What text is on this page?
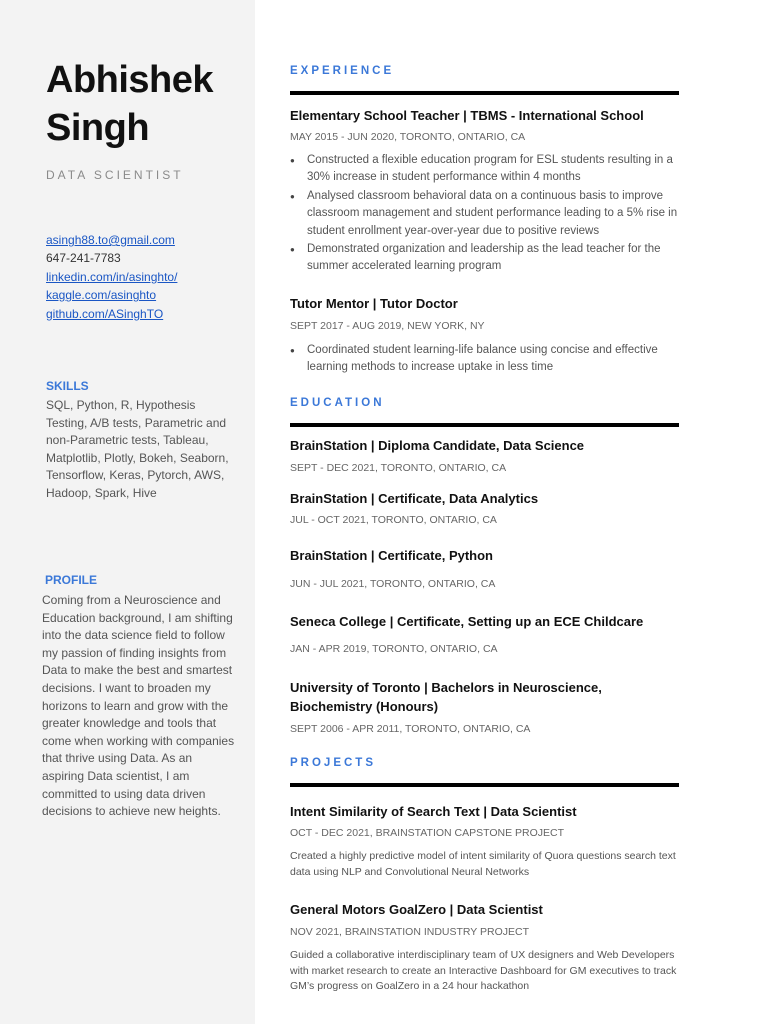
Abhishek
Singh
DATA SCIENTIST
asingh88.to@gmail.com
647-241-7783
linkedin.com/in/asinghto/
kaggle.com/asinghto
github.com/ASinghTO
SKILLS
SQL, Python, R, Hypothesis Testing, A/B tests, Parametric and non-Parametric tests, Tableau, Matplotlib, Plotly, Bokeh, Seaborn, Tensorflow, Keras, Pytorch, AWS, Hadoop, Spark, Hive
PROFILE
Coming from a Neuroscience and Education background, I am shifting into the data science field to follow my passion of finding insights from Data to make the best and smartest decisions. I want to broaden my horizons to learn and grow with the greater knowledge and tools that come when working with companies that thrive using Data. As an aspiring Data scientist, I am committed to using data driven decisions to achieve new heights.
EXPERIENCE
Elementary School Teacher | TBMS - International School
MAY 2015 - JUN 2020, TORONTO, ONTARIO, CA
● Constructed a flexible education program for ESL students resulting in a 30% increase in student performance within 4 months
● Analysed classroom behavioral data on a continuous basis to improve classroom management and student performance leading to a 5% rise in student enrollment year-over-year due to positive reviews
● Demonstrated organization and leadership as the lead teacher for the summer accelerated learning program
Tutor Mentor | Tutor Doctor
SEPT 2017 - AUG 2019, NEW YORK, NY
● Coordinated student learning-life balance using concise and effective learning methods to increase uptake in less time
EDUCATION
BrainStation | Diploma Candidate, Data Science
SEPT - DEC 2021, TORONTO, ONTARIO, CA
BrainStation | Certificate, Data Analytics
JUL - OCT 2021, TORONTO, ONTARIO, CA
BrainStation | Certificate, Python
JUN - JUL 2021, TORONTO, ONTARIO, CA
Seneca College | Certificate, Setting up an ECE Childcare
JAN - APR 2019, TORONTO, ONTARIO, CA
University of Toronto | Bachelors in Neuroscience, Biochemistry (Honours)
SEPT 2006 - APR 2011, TORONTO, ONTARIO, CA
PROJECTS
Intent Similarity of Search Text | Data Scientist
OCT - DEC 2021, BRAINSTATION CAPSTONE PROJECT
Created a highly predictive model of intent similarity of Quora questions search text data using NLP and Convolutional Neural Networks
General Motors GoalZero | Data Scientist
NOV 2021, BRAINSTATION INDUSTRY PROJECT
Guided a collaborative interdisciplinary team of UX designers and Web Developers with market research to create an Interactive Dashboard for GM executives to track GM’s progress on GoalZero in a 24 hour hackathon
